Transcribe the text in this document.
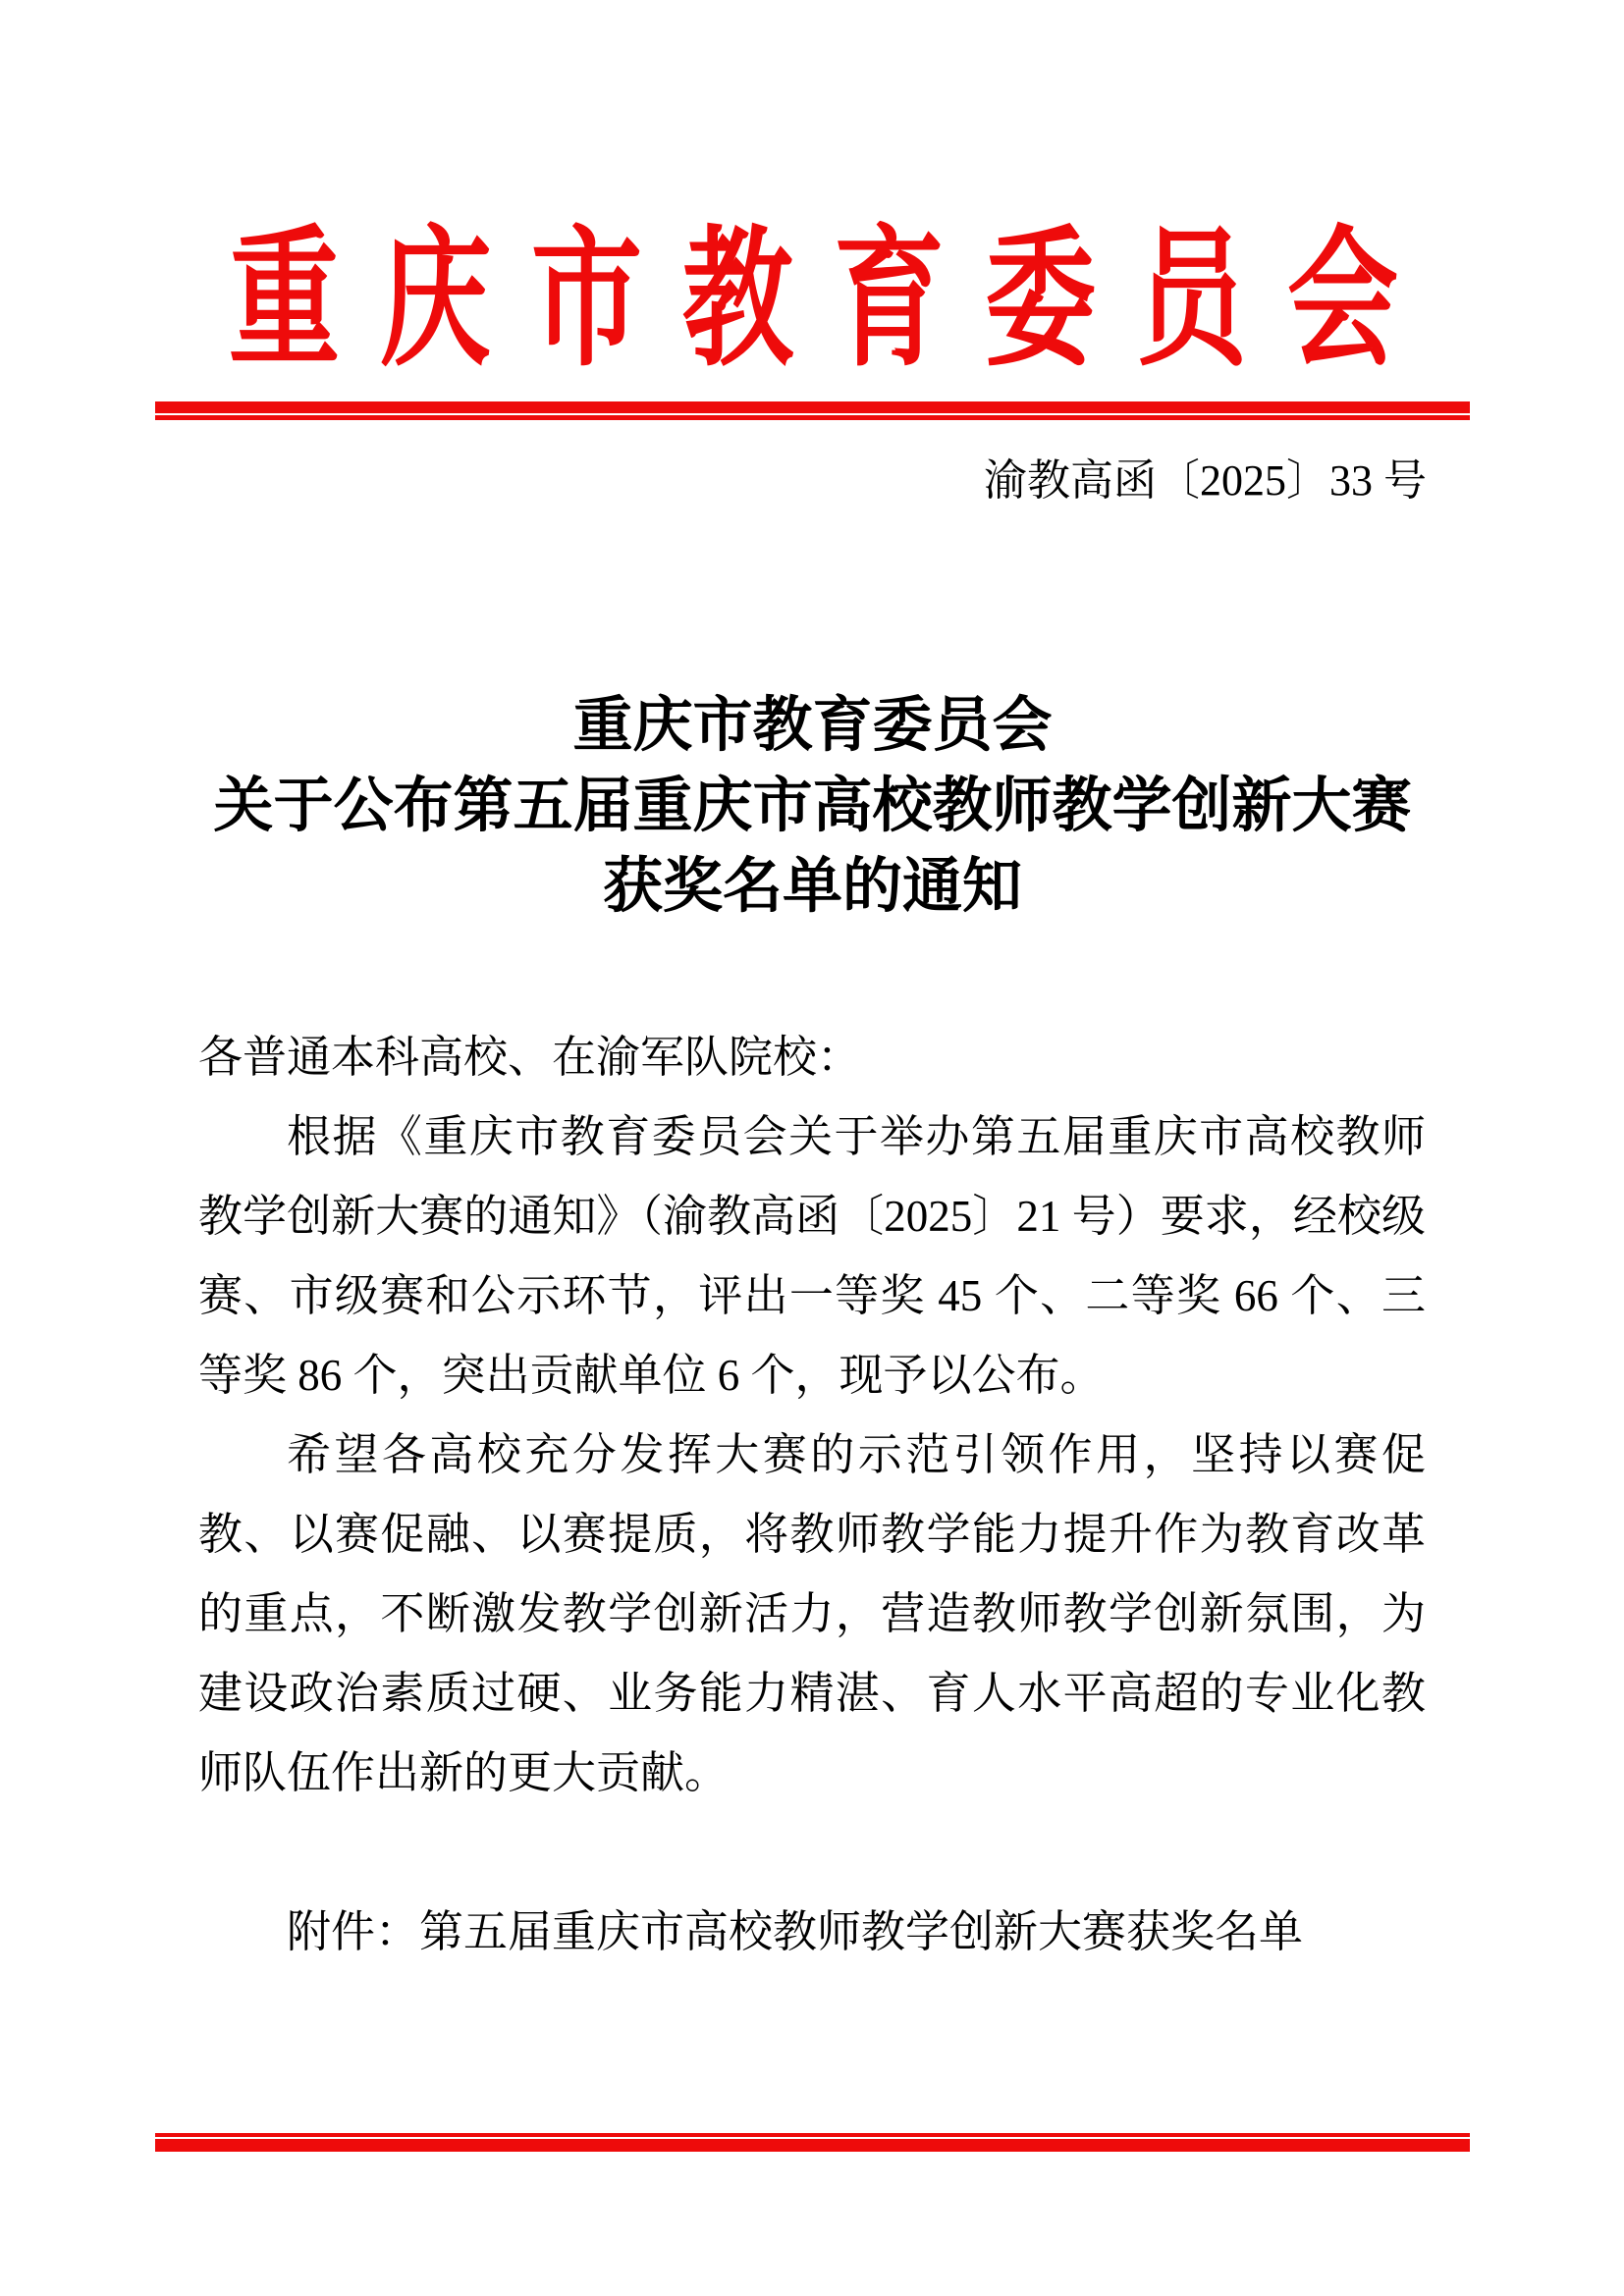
重庆市教育委员会
渝教高函〔2025〕33 号
重庆市教育委员会
关于公布第五届重庆市高校教师教学创新大赛
获奖名单的通知
各普通本科高校、在渝军队院校：

根据《重庆市教育委员会关于举办第五届重庆市高校教师教学创新大赛的通知》（渝教高函〔2025〕21 号）要求，经校级赛、市级赛和公示环节，评出一等奖 45 个、二等奖 66 个、三等奖 86 个，突出贡献单位 6 个，现予以公布。

希望各高校充分发挥大赛的示范引领作用，坚持以赛促教、以赛促融、以赛提质，将教师教学能力提升作为教育改革的重点，不断激发教学创新活力，营造教师教学创新氛围，为建设政治素质过硬、业务能力精湛、育人水平高超的专业化教师队伍作出新的更大贡献。

附件：第五届重庆市高校教师教学创新大赛获奖名单
